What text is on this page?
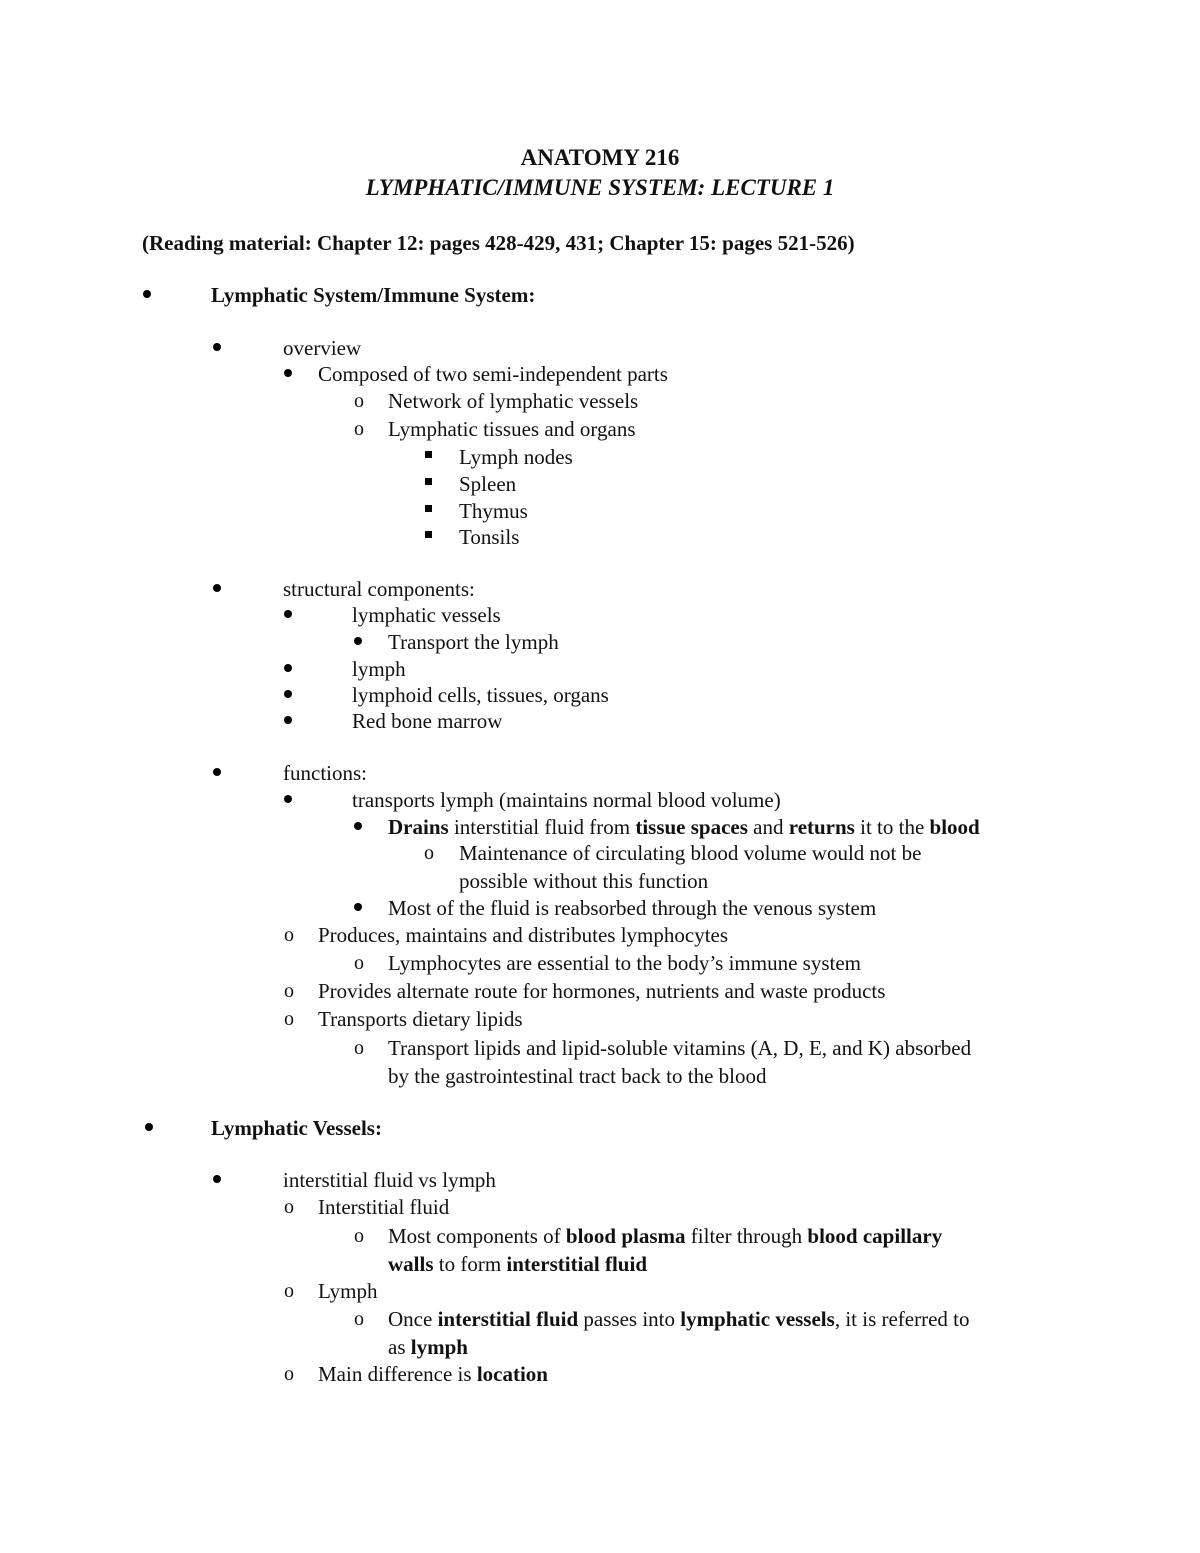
ANATOMY 216
LYMPHATIC/IMMUNE SYSTEM: LECTURE 1
(Reading material: Chapter 12: pages 428-429, 431; Chapter 15: pages 521-526)
Lymphatic System/Immune System:
overview
Composed of two semi-independent parts
o Network of lymphatic vessels
o Lymphatic tissues and organs
Lymph nodes
Spleen
Thymus
Tonsils
structural components:
lymphatic vessels
Transport the lymph
lymph
lymphoid cells, tissues, organs
Red bone marrow
functions:
transports lymph (maintains normal blood volume)
Drains interstitial fluid from tissue spaces and returns it to the blood
o Maintenance of circulating blood volume would not be
possible without this function
Most of the fluid is reabsorbed through the venous system
o Produces, maintains and distributes lymphocytes
o Lymphocytes are essential to the body’s immune system
o Provides alternate route for hormones, nutrients and waste products
o Transports dietary lipids
o Transport lipids and lipid-soluble vitamins (A, D, E, and K) absorbed
by the gastrointestinal tract back to the blood
Lymphatic Vessels:
interstitial fluid vs lymph
o Interstitial fluid
o Most components of blood plasma filter through blood capillary
walls to form interstitial fluid
o Lymph
o Once interstitial fluid passes into lymphatic vessels, it is referred to
as lymph
o Main difference is location
